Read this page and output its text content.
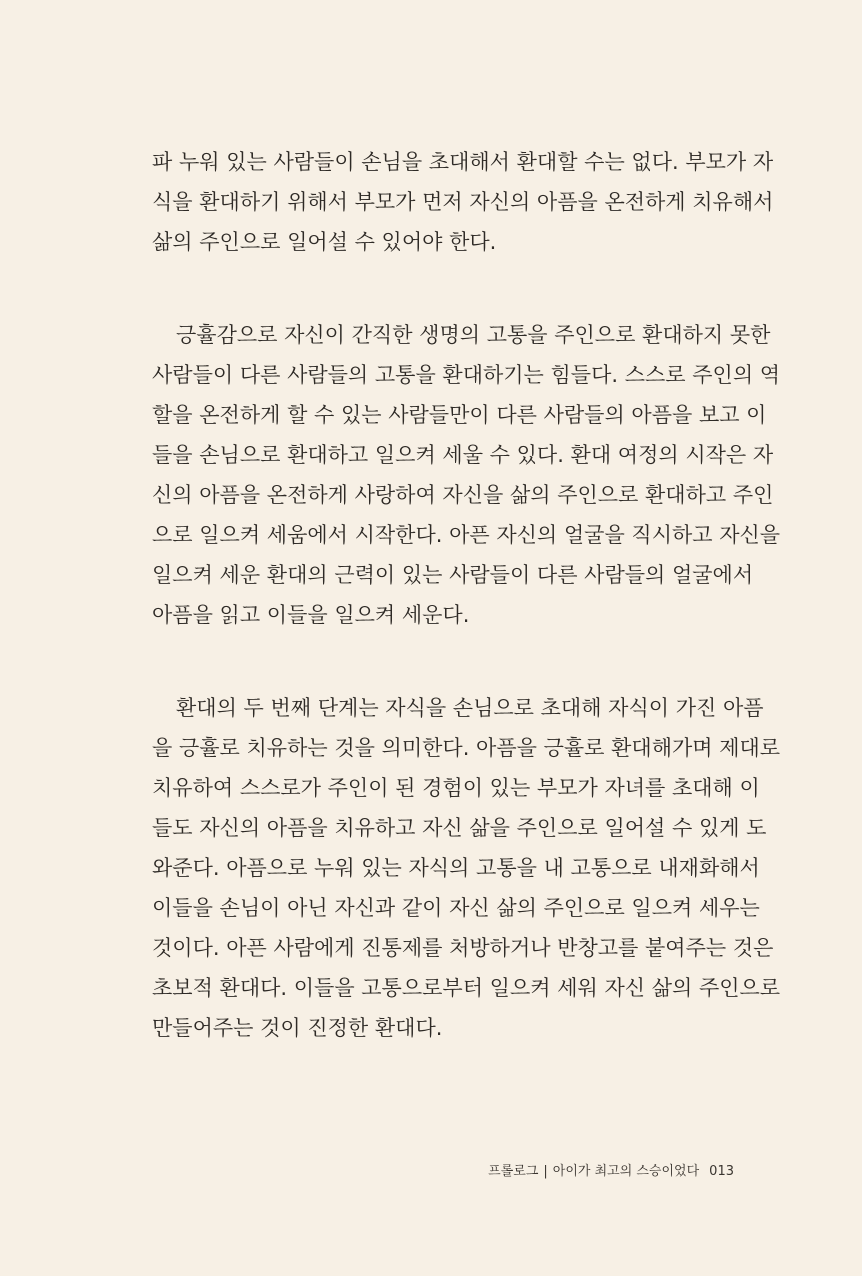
파 누워 있는 사람들이 손님을 초대해서 환대할 수는 없다. 부모가 자
식을 환대하기 위해서 부모가 먼저 자신의 아픔을 온전하게 치유해서
삶의 주인으로 일어설 수 있어야 한다.

긍휼감으로 자신이 간직한 생명의 고통을 주인으로 환대하지 못한
사람들이 다른 사람들의 고통을 환대하기는 힘들다. 스스로 주인의 역
할을 온전하게 할 수 있는 사람들만이 다른 사람들의 아픔을 보고 이
들을 손님으로 환대하고 일으켜 세울 수 있다. 환대 여정의 시작은 자
신의 아픔을 온전하게 사랑하여 자신을 삶의 주인으로 환대하고 주인
으로 일으켜 세움에서 시작한다. 아픈 자신의 얼굴을 직시하고 자신을
일으켜 세운 환대의 근력이 있는 사람들이 다른 사람들의 얼굴에서
아픔을 읽고 이들을 일으켜 세운다.

환대의 두 번째 단계는 자식을 손님으로 초대해 자식이 가진 아픔
을 긍휼로 치유하는 것을 의미한다. 아픔을 긍휼로 환대해가며 제대로
치유하여 스스로가 주인이 된 경험이 있는 부모가 자녀를 초대해 이
들도 자신의 아픔을 치유하고 자신 삶을 주인으로 일어설 수 있게 도
와준다. 아픔으로 누워 있는 자식의 고통을 내 고통으로 내재화해서
이들을 손님이 아닌 자신과 같이 자신 삶의 주인으로 일으켜 세우는
것이다. 아픈 사람에게 진통제를 처방하거나 반창고를 붙여주는 것은
초보적 환대다. 이들을 고통으로부터 일으켜 세워 자신 삶의 주인으로
만들어주는 것이 진정한 환대다.

프롤로그 | 아이가 최고의 스승이었다 013
